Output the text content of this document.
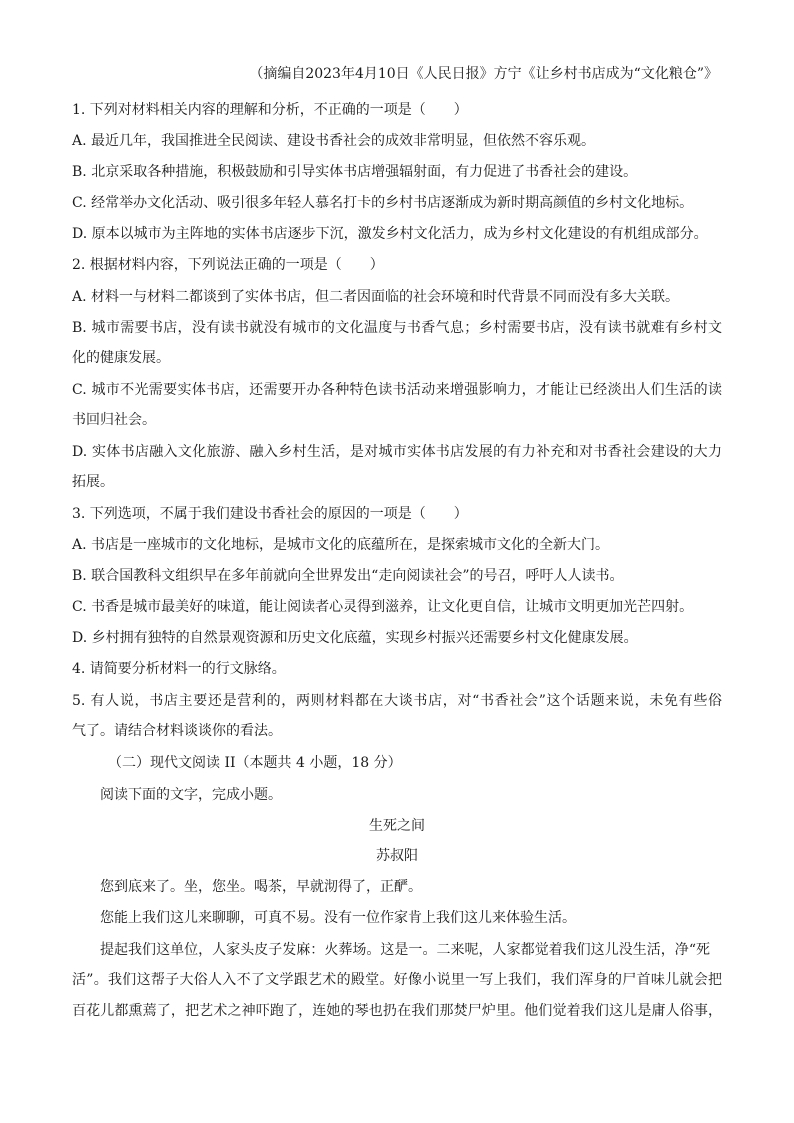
（摘编自2023年4月10日《人民日报》方宁《让乡村书店成为“文化粮仓”》
1. 下列对材料相关内容的理解和分析，不正确的一项是（　　）
A. 最近几年，我国推进全民阅读、建设书香社会的成效非常明显，但依然不容乐观。
B. 北京采取各种措施，积极鼓励和引导实体书店增强辐射面，有力促进了书香社会的建设。
C. 经常举办文化活动、吸引很多年轻人慕名打卡的乡村书店逐渐成为新时期高颜值的乡村文化地标。
D. 原本以城市为主阵地的实体书店逐步下沉，激发乡村文化活力，成为乡村文化建设的有机组成部分。
2. 根据材料内容，下列说法正确的一项是（　　）
A. 材料一与材料二都谈到了实体书店，但二者因面临的社会环境和时代背景不同而没有多大关联。
B. 城市需要书店，没有读书就没有城市的文化温度与书香气息；乡村需要书店，没有读书就难有乡村文
化的健康发展。
C. 城市不光需要实体书店，还需要开办各种特色读书活动来增强影响力，才能让已经淡出人们生活的读
书回归社会。
D. 实体书店融入文化旅游、融入乡村生活，是对城市实体书店发展的有力补充和对书香社会建设的大力
拓展。
3. 下列选项，不属于我们建设书香社会的原因的一项是（　　）
A. 书店是一座城市的文化地标，是城市文化的底蕴所在，是探索城市文化的全新大门。
B. 联合国教科文组织早在多年前就向全世界发出“走向阅读社会”的号召，呼吁人人读书。
C. 书香是城市最美好的味道，能让阅读者心灵得到滋养，让文化更自信，让城市文明更加光芒四射。
D. 乡村拥有独特的自然景观资源和历史文化底蕴，实现乡村振兴还需要乡村文化健康发展。
4. 请简要分析材料一的行文脉络。
5. 有人说，书店主要还是营利的，两则材料都在大谈书店，对“书香社会”这个话题来说，未免有些俗
气了。请结合材料谈谈你的看法。
（二）现代文阅读 II（本题共 4 小题，18 分）
阅读下面的文字，完成小题。
生死之间
苏叔阳
您到底来了。坐，您坐。喝茶，早就沏得了，正酽。
您能上我们这儿来聊聊，可真不易。没有一位作家肯上我们这儿来体验生活。
提起我们这单位，人家头皮子发麻：火葬场。这是一。二来呢，人家都觉着我们这儿没生活，净“死
活”。我们这帮子大俗人入不了文学跟艺术的殿堂。好像小说里一写上我们，我们浑身的尸首味儿就会把
百花儿都熏蔫了，把艺术之神吓跑了，连她的琴也扔在我们那焚尸炉里。他们觉着我们这儿是庸人俗事，
